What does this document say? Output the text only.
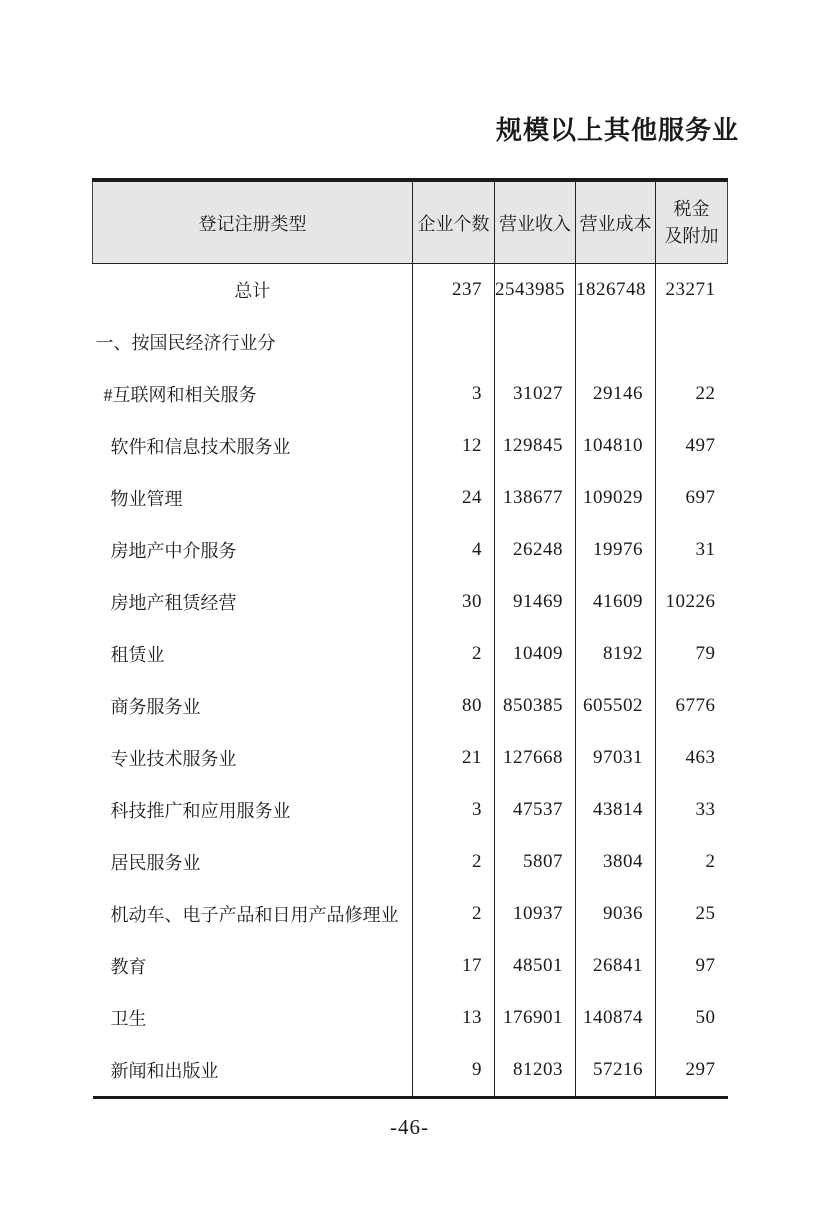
规模以上其他服务业
登记注册类型	企业个数	营业收入	营业成本	税金
及附加

总计	237	2543985	1826748	23271
一、按国民经济行业分				
#互联网和相关服务	3	31027	29146	22
软件和信息技术服务业	12	129845	104810	497
物业管理	24	138677	109029	697
房地产中介服务	4	26248	19976	31
房地产租赁经营	30	91469	41609	10226
租赁业	2	10409	8192	79
商务服务业	80	850385	605502	6776
专业技术服务业	21	127668	97031	463
科技推广和应用服务业	3	47537	43814	33
居民服务业	2	5807	3804	2
机动车、电子产品和日用产品修理业	2	10937	9036	25
教育	17	48501	26841	97
卫生	13	176901	140874	50
新闻和出版业	9	81203	57216	297
-46-
